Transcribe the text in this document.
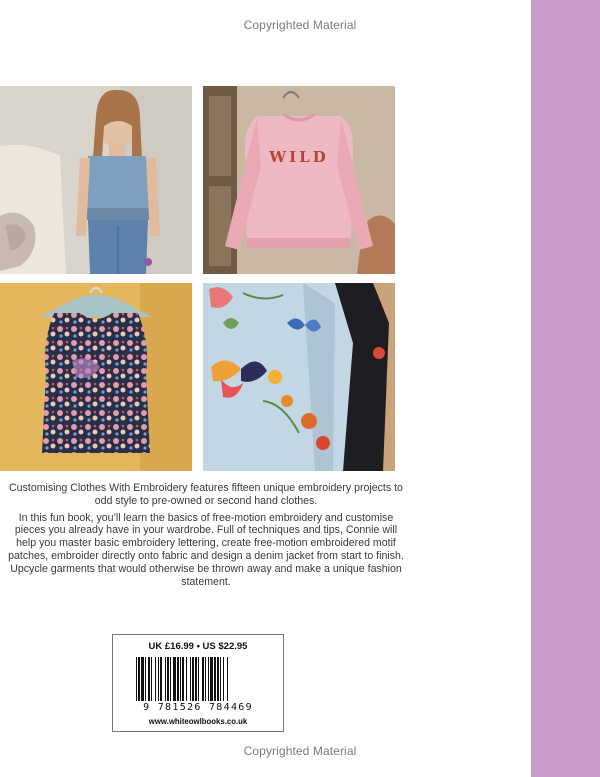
Copyrighted Material
WILD

Customising Clothes With Embroidery features fifteen unique embroidery projects to odd style to pre-owned or second hand clothes.

In this fun book, you’ll learn the basics of free-motion embroidery and customise pieces you already have in your wardrobe. Full of techniques and tips, Connie will help you master basic embroidery lettering, create free-motion embroidered motif patches, embroider directly onto fabric and design a denim jacket from start to finish. Upcycle garments that would otherwise be thrown away and make a unique fashion statement.

UK £16.99 • US $22.95
9 781526 784469
www.whiteowlbooks.co.uk
Copyrighted Material
